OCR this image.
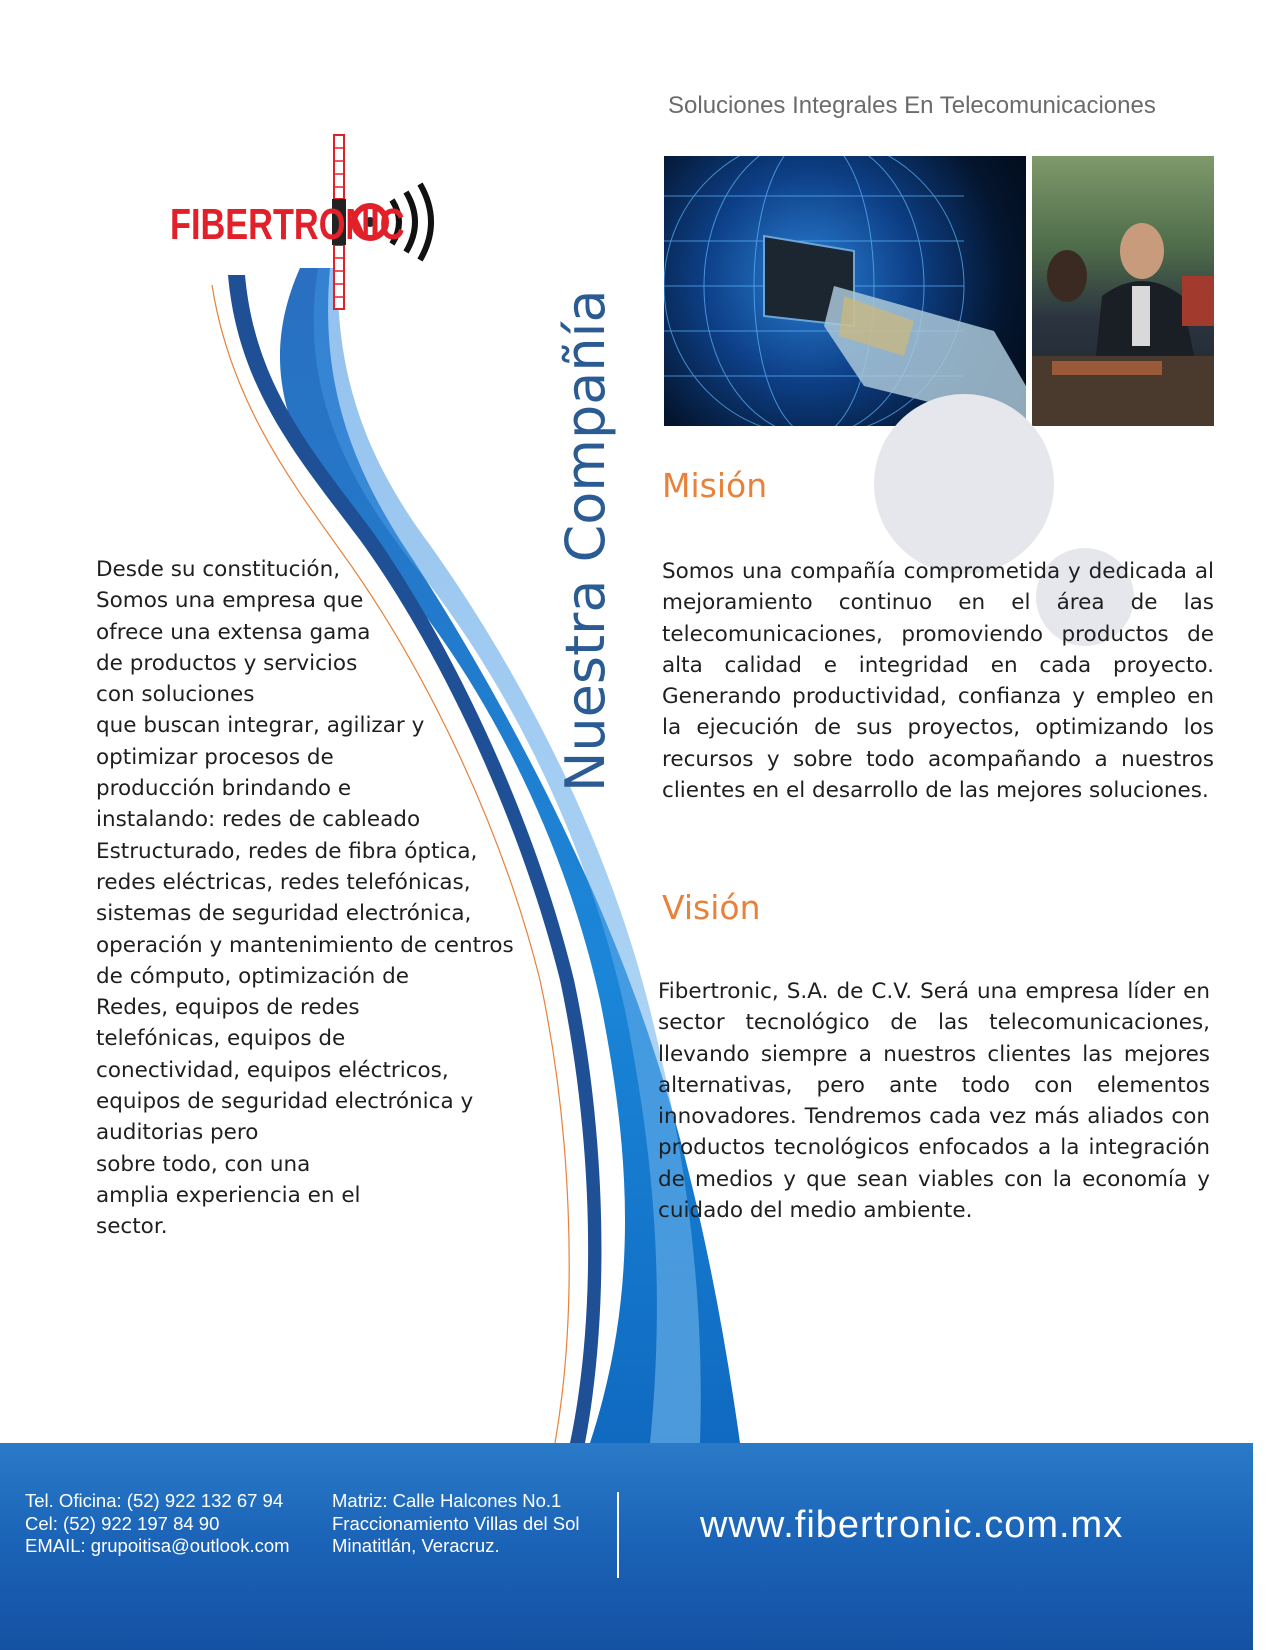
Soluciones Integrales En Telecomunicaciones
FIBERTRONIC
Nuestra Compañía
Desde su constitución,
Somos una empresa que
ofrece una extensa gama
de productos y servicios
con soluciones
que buscan integrar, agilizar y
optimizar procesos de
producción brindando e
instalando: redes de cableado
Estructurado, redes de fibra óptica,
redes eléctricas, redes telefónicas,
sistemas de seguridad electrónica,
operación y mantenimiento de centros
de cómputo, optimización de
Redes, equipos de redes
telefónicas, equipos de
conectividad, equipos eléctricos,
equipos de seguridad electrónica y
auditorias pero
sobre todo, con una
amplia experiencia en el
sector.
Misión
Somos una compañía comprometida y dedicada al mejoramiento continuo en el área de las telecomunicaciones, promoviendo productos de alta calidad e integridad en cada proyecto. Generando productividad, confianza y empleo en la ejecución de sus proyectos, optimizando los recursos y sobre todo acompañando a nuestros clientes en el desarrollo de las mejores soluciones.
Visión
Fibertronic, S.A. de C.V. Será una empresa líder en sector tecnológico de las telecomunicaciones, llevando siempre a nuestros clientes las mejores alternativas, pero ante todo con elementos innovadores. Tendremos cada vez más aliados con productos tecnológicos enfocados a la integración de medios y que sean viables con la economía y cuidado del medio ambiente.
Tel. Oficina: (52) 922 132 67 94
Cel: (52) 922 197 84 90
EMAIL: grupoitisa@outlook.com
Matriz: Calle Halcones No.1
Fraccionamiento Villas del Sol
Minatitlán, Veracruz.	www.fibertronic.com.mx
